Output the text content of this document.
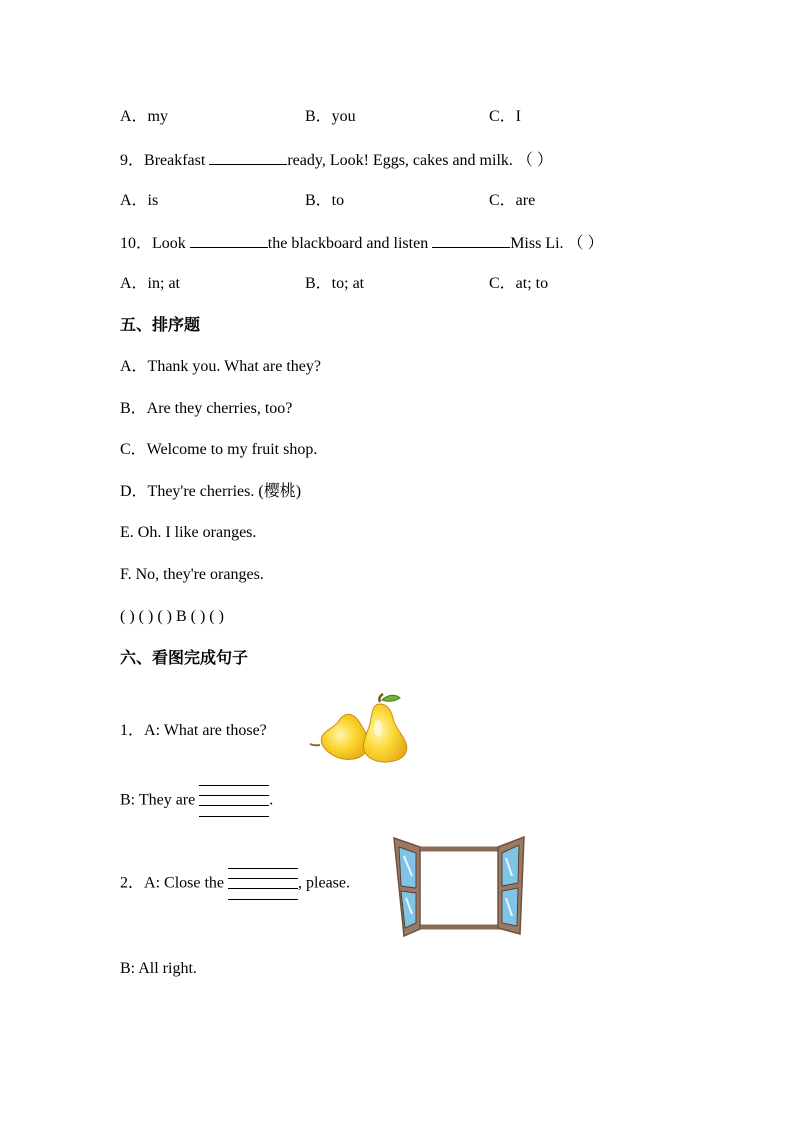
A．my	B．you	C．I
9．Breakfast	ready, Look! Eggs, cakes and milk. （ ）
A．is	B．to	C．are
10．Look	the blackboard and listen	Miss Li. （ ）
A．in; at	B．to; at	C．at; to
五、排序题
A．Thank you. What are they?
B．Are they cherries, too?
C．Welcome to my fruit shop.
D．They're cherries. (樱桃)
E. Oh. I like oranges.
F. No, they're oranges.
( ) ( ) ( ) B ( ) ( )
六、看图完成句子
1．A: What are those?
B: They are	.
2．A: Close the	, please.
B: All right.
